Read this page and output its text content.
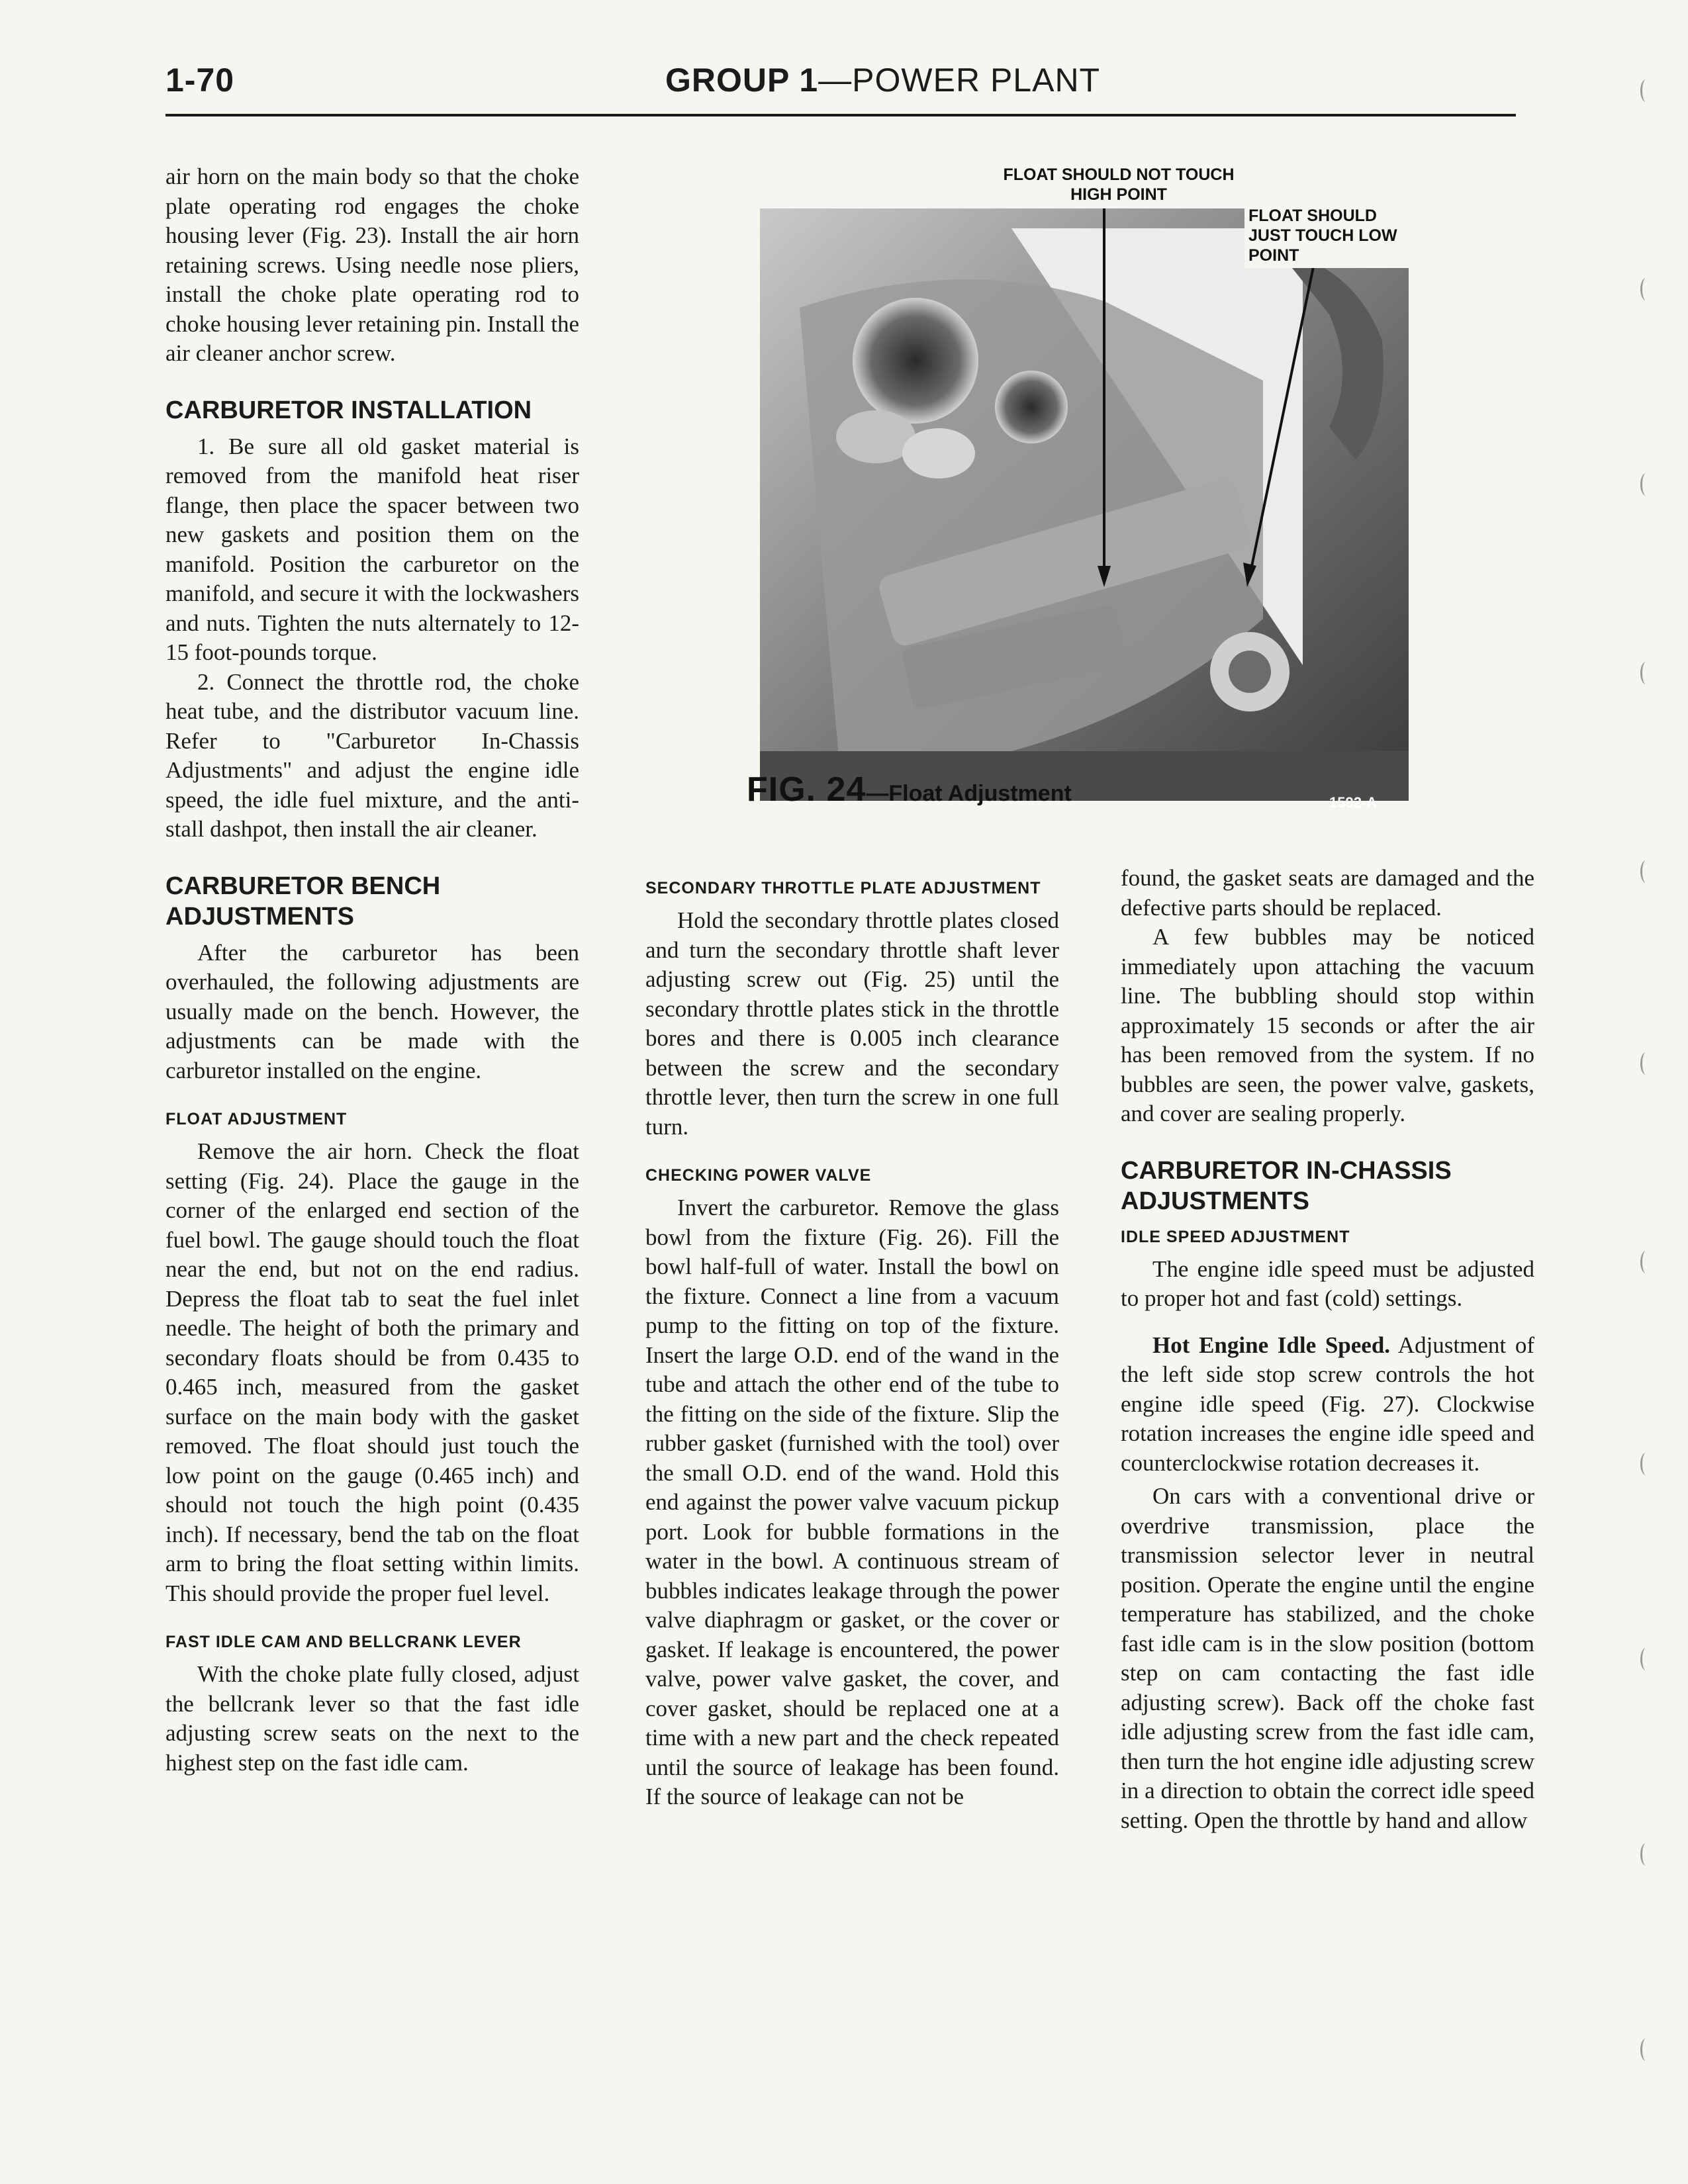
1-70	GROUP 1—POWER PLANT

air horn on the main body so that the choke plate operating rod engages the choke housing lever (Fig. 23). Install the air horn retaining screws. Using needle nose pliers, install the choke plate operating rod to choke housing lever retaining pin. Install the air cleaner anchor screw.

CARBURETOR INSTALLATION

1. Be sure all old gasket material is removed from the manifold heat riser flange, then place the spacer between two new gaskets and position them on the manifold. Position the carburetor on the manifold, and secure it with the lockwashers and nuts. Tighten the nuts alternately to 12-15 foot-pounds torque.

2. Connect the throttle rod, the choke heat tube, and the distributor vacuum line. Refer to "Carburetor In-Chassis Adjustments" and adjust the engine idle speed, the idle fuel mixture, and the anti-stall dashpot, then install the air cleaner.

CARBURETOR BENCH ADJUSTMENTS

After the carburetor has been overhauled, the following adjustments are usually made on the bench. However, the adjustments can be made with the carburetor installed on the engine.

FLOAT ADJUSTMENT

Remove the air horn. Check the float setting (Fig. 24). Place the gauge in the corner of the enlarged end section of the fuel bowl. The gauge should touch the float near the end, but not on the end radius. Depress the float tab to seat the fuel inlet needle. The height of both the primary and secondary floats should be from 0.435 to 0.465 inch, measured from the gasket surface on the main body with the gasket removed. The float should just touch the low point on the gauge (0.465 inch) and should not touch the high point (0.435 inch). If necessary, bend the tab on the float arm to bring the float setting within limits. This should provide the proper fuel level.

FAST IDLE CAM AND BELLCRANK LEVER

With the choke plate fully closed, adjust the bellcrank lever so that the fast idle adjusting screw seats on the next to the highest step on the fast idle cam.

1592-A
FLOAT SHOULD NOT TOUCH HIGH POINT
FLOAT SHOULD JUST TOUCH LOW POINT
FIG. 24—Float Adjustment
SECONDARY THROTTLE PLATE ADJUSTMENT

Hold the secondary throttle plates closed and turn the secondary throttle shaft lever adjusting screw out (Fig. 25) until the secondary throttle plates stick in the throttle bores and there is 0.005 inch clearance between the screw and the secondary throttle lever, then turn the screw in one full turn.

CHECKING POWER VALVE

Invert the carburetor. Remove the glass bowl from the fixture (Fig. 26). Fill the bowl half-full of water. Install the bowl on the fixture. Connect a line from a vacuum pump to the fitting on top of the fixture. Insert the large O.D. end of the wand in the tube and attach the other end of the tube to the fitting on the side of the fixture. Slip the rubber gasket (furnished with the tool) over the small O.D. end of the wand. Hold this end against the power valve vacuum pickup port. Look for bubble formations in the water in the bowl. A continuous stream of bubbles indicates leakage through the power valve diaphragm or gasket, or the cover or gasket. If leakage is encountered, the power valve, power valve gasket, the cover, and cover gasket, should be replaced one at a time with a new part and the check repeated until the source of leakage has been found. If the source of leakage can not be

found, the gasket seats are damaged and the defective parts should be replaced.

A few bubbles may be noticed immediately upon attaching the vacuum line. The bubbling should stop within approximately 15 seconds or after the air has been removed from the system. If no bubbles are seen, the power valve, gaskets, and cover are sealing properly.

CARBURETOR IN-CHASSIS ADJUSTMENTS
IDLE SPEED ADJUSTMENT

The engine idle speed must be adjusted to proper hot and fast (cold) settings.

Hot Engine Idle Speed. Adjustment of the left side stop screw controls the hot engine idle speed (Fig. 27). Clockwise rotation increases the engine idle speed and counterclockwise rotation decreases it.

On cars with a conventional drive or overdrive transmission, place the transmission selector lever in neutral position. Operate the engine until the engine temperature has stabilized, and the choke fast idle cam is in the slow position (bottom step on cam contacting the fast idle adjusting screw). Back off the choke fast idle adjusting screw from the fast idle cam, then turn the hot engine idle adjusting screw in a direction to obtain the correct idle speed setting. Open the throttle by hand and allow
